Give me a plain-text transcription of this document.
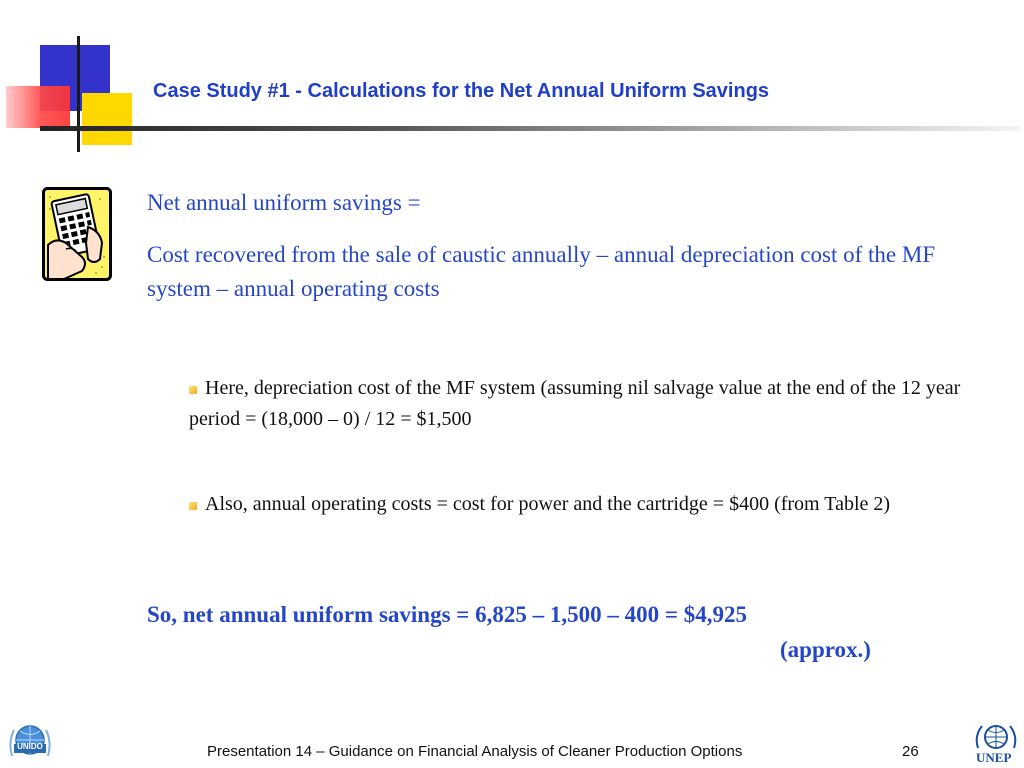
Case Study #1 - Calculations for the Net Annual Uniform Savings
Net annual uniform savings =
Cost recovered from the sale of caustic annually – annual depreciation cost of the MF system – annual operating costs
Here, depreciation cost of the MF system (assuming nil salvage value at the end of the 12 year period = (18,000 – 0) / 12 = $1,500
Also, annual operating costs = cost for power and the cartridge = $400 (from Table 2)
So, net annual uniform savings = 6,825 – 1,500 – 400 = $4,925
(approx.)
UNIDO	Presentation 14 – Guidance on Financial Analysis of Cleaner Production Options	26	UNEP
